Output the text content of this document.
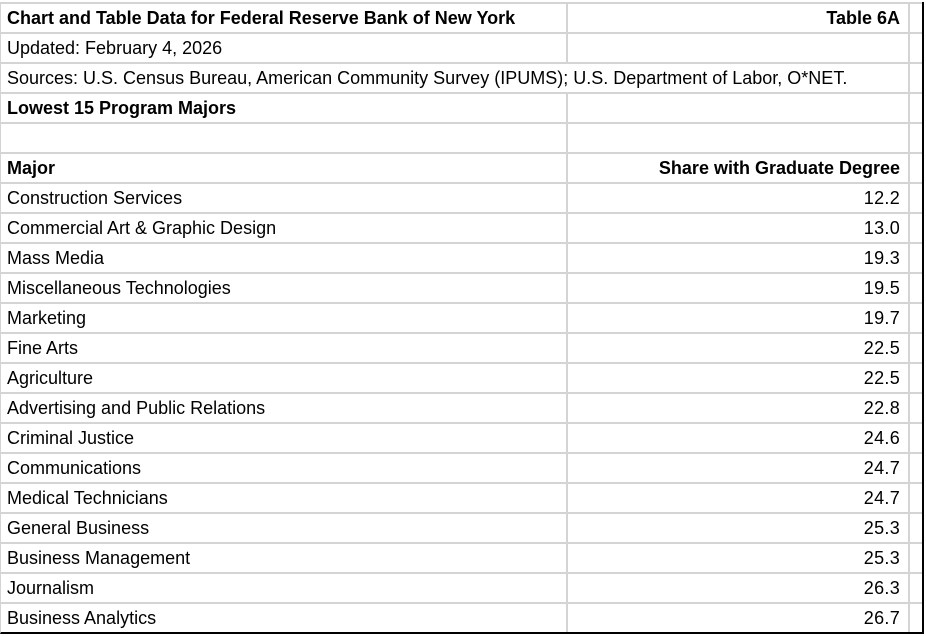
Chart and Table Data for Federal Reserve Bank of New York	Table 6A
Updated: February 4, 2026
Sources: U.S. Census Bureau, American Community Survey (IPUMS); U.S. Department of Labor, O*NET.
Lowest 15 Program Majors
Major	Share with Graduate Degree
Construction Services	12.2
Commercial Art & Graphic Design	13.0
Mass Media	19.3
Miscellaneous Technologies	19.5
Marketing	19.7
Fine Arts	22.5
Agriculture	22.5
Advertising and Public Relations	22.8
Criminal Justice	24.6
Communications	24.7
Medical Technicians	24.7
General Business	25.3
Business Management	25.3
Journalism	26.3
Business Analytics	26.7
